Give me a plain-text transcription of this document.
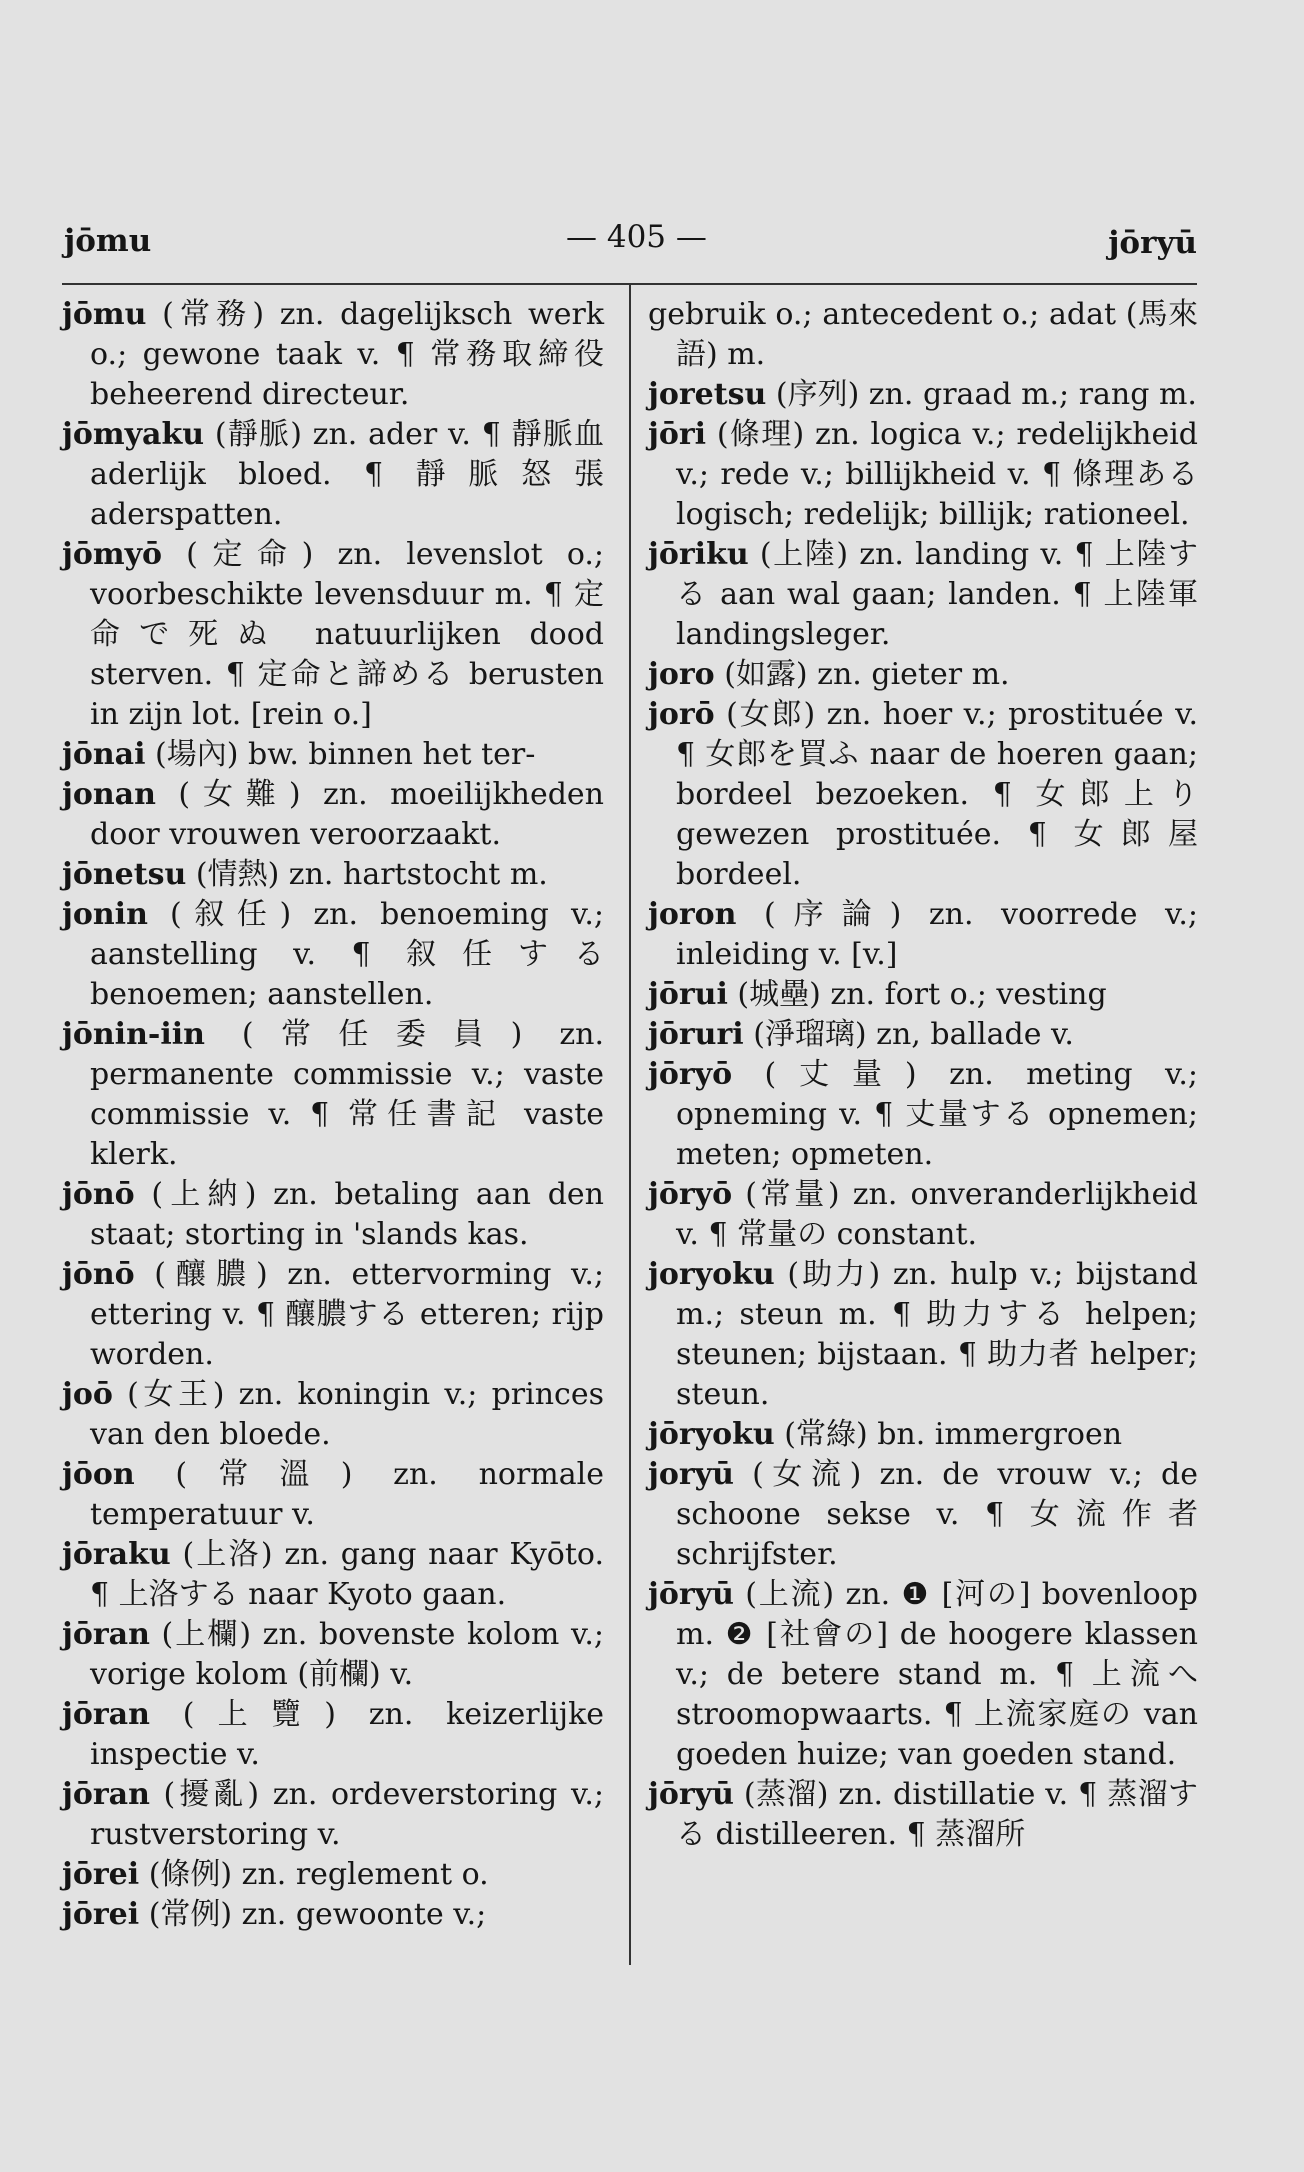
jōmu	— 405 —	jōryū

jōmu (常務) zn. dagelijksch werk o.; gewone taak v. ¶ 常務取締役 beheerend directeur.

jōmyaku (靜脈) zn. ader v. ¶ 靜脈血 aderlijk bloed. ¶ 靜脈怒張 aderspatten.

jōmyō (定命) zn. levenslot o.; voorbeschikte levensduur m. ¶ 定命で死ぬ natuurlijken dood sterven. ¶ 定命と諦める berusten in zijn lot. [rein o.]

jōnai (場內) bw. binnen het ter-

jonan (女難) zn. moeilijkheden door vrouwen veroorzaakt.

jōnetsu (情熱) zn. hartstocht m.

jonin (叙任) zn. benoeming v.; aanstelling v. ¶ 叙任する benoemen; aanstellen.

jōnin-iin (常任委員) zn. permanente commissie v.; vaste commissie v. ¶ 常任書記 vaste klerk.

jōnō (上納) zn. betaling aan den staat; storting in 'slands kas.

jōnō (釀膿) zn. ettervorming v.; ettering v. ¶ 釀膿する etteren; rijp worden.

joō (女王) zn. koningin v.; princes van den bloede.

jōon (常溫) zn. normale temperatuur v.

jōraku (上洛) zn. gang naar Kyōto. ¶ 上洛する naar Kyoto gaan.

jōran (上欄) zn. bovenste kolom v.; vorige kolom (前欄) v.

jōran (上覽) zn. keizerlijke inspectie v.

jōran (擾亂) zn. ordeverstoring v.; rustverstoring v.

jōrei (條例) zn. reglement o.

jōrei (常例) zn. gewoonte v.;

gebruik o.; antecedent o.; adat (馬來語) m.

joretsu (序列) zn. graad m.; rang m.

jōri (條理) zn. logica v.; redelijkheid v.; rede v.; billijkheid v. ¶ 條理ある logisch; redelijk; billijk; rationeel.

jōriku (上陸) zn. landing v. ¶ 上陸する aan wal gaan; landen. ¶ 上陸軍 landingsleger.

joro (如露) zn. gieter m.

jorō (女郎) zn. hoer v.; prostituée v. ¶ 女郎を買ふ naar de hoeren gaan; bordeel bezoeken. ¶ 女郎上り gewezen prostituée. ¶ 女郎屋 bordeel.

joron (序論) zn. voorrede v.; inleiding v. [v.]

jōrui (城壘) zn. fort o.; vesting

jōruri (淨瑠璃) zn, ballade v.

jōryō (丈量) zn. meting v.; opneming v. ¶ 丈量する opnemen; meten; opmeten.

jōryō (常量) zn. onveranderlijkheid v. ¶ 常量の constant.

joryoku (助力) zn. hulp v.; bijstand m.; steun m. ¶ 助力する helpen; steunen; bijstaan. ¶ 助力者 helper; steun.

jōryoku (常綠) bn. immergroen

joryū (女流) zn. de vrouw v.; de schoone sekse v. ¶ 女流作者 schrijfster.

jōryū (上流) zn. ❶ [河の] bovenloop m. ❷ [社會の] de hoogere klassen v.; de betere stand m. ¶ 上流へ stroomopwaarts. ¶ 上流家庭の van goeden huize; van goeden stand.

jōryū (蒸溜) zn. distillatie v. ¶ 蒸溜する distilleeren. ¶ 蒸溜所
